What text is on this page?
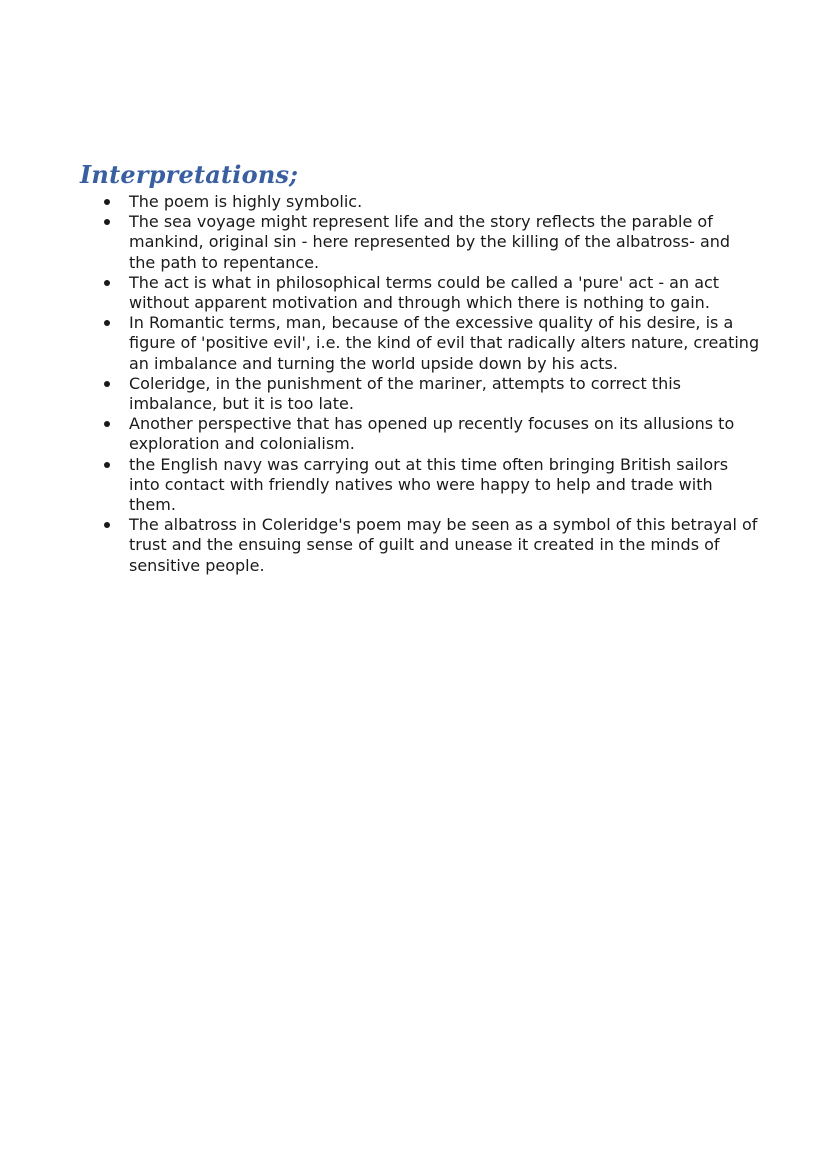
Interpretations;
The poem is highly symbolic.
The sea voyage might represent life and the story reflects the parable of mankind, original sin - here represented by the killing of the albatross- and the path to repentance.
The act is what in philosophical terms could be called a 'pure' act - an act without apparent motivation and through which there is nothing to gain.
In Romantic terms, man, because of the excessive quality of his desire, is a figure of 'positive evil', i.e. the kind of evil that radically alters nature, creating an imbalance and turning the world upside down by his acts.
Coleridge, in the punishment of the mariner, attempts to correct this imbalance, but it is too late.
Another perspective that has opened up recently focuses on its allusions to exploration and colonialism.
the English navy was carrying out at this time often bringing British sailors into contact with friendly natives who were happy to help and trade with them.
The albatross in Coleridge's poem may be seen as a symbol of this betrayal of trust and the ensuing sense of guilt and unease it created in the minds of sensitive people.
